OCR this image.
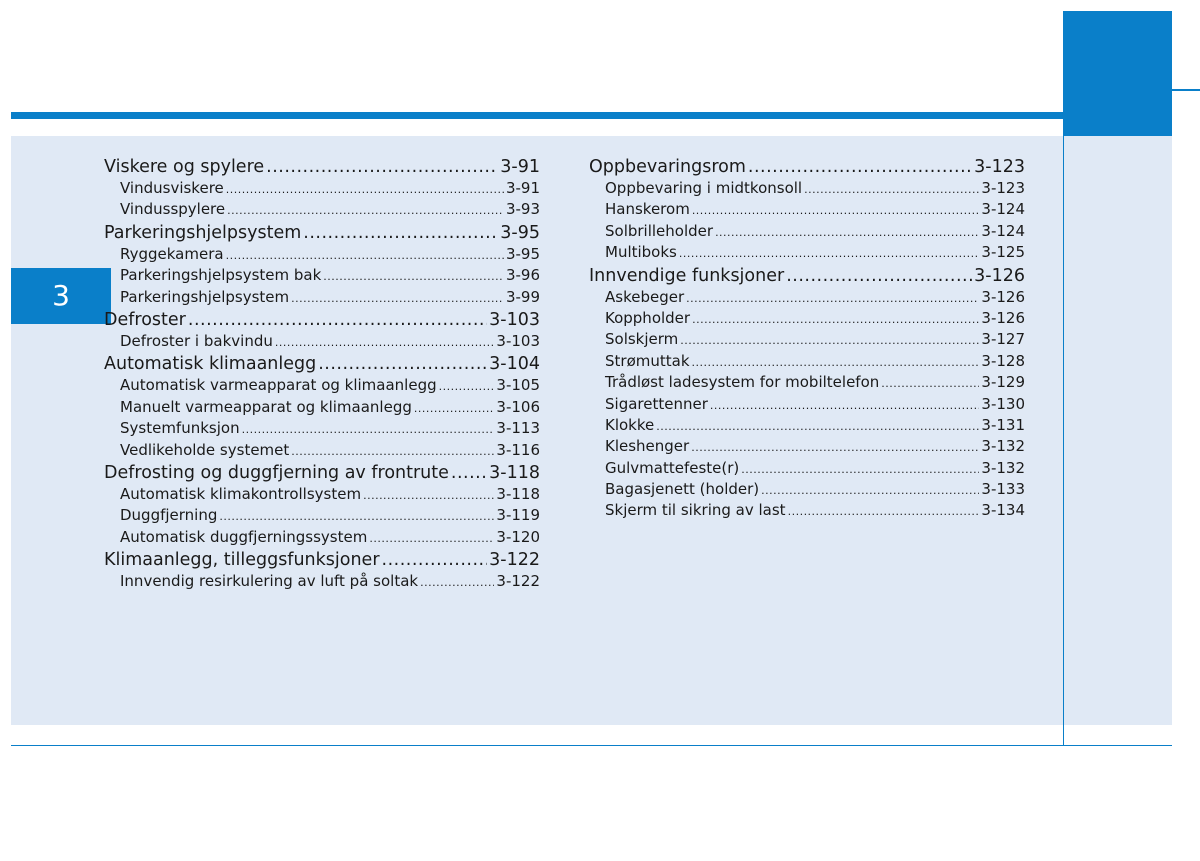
3
Viskere og spylere .....	3-91
Vindusviskere .....	3-91
Vindusspylere .....	3-93
Parkeringshjelpsystem .....	3-95
Ryggekamera .....	3-95
Parkeringshjelpsystem bak .....	3-96
Parkeringshjelpsystem .....	3-99
Defroster .....	3-103
Defroster i bakvindu .....	3-103
Automatisk klimaanlegg .....	3-104
Automatisk varmeapparat og klimaanlegg .....	3-105
Manuelt varmeapparat og klimaanlegg .....	3-106
Systemfunksjon .....	3-113
Vedlikeholde systemet .....	3-116
Defrosting og duggfjerning av frontrute ..... 3-118
Automatisk klimakontrollsystem .....	3-118
Duggfjerning .....	3-119
Automatisk duggfjerningssystem .....	3-120
Klimaanlegg, tilleggsfunksjoner .....	3-122
Innvendig resirkulering av luft på soltak .....	3-122
Oppbevaringsrom .....	3-123
Oppbevaring i midtkonsoll .....	3-123
Hanskerom .....	3-124
Solbrilleholder .....	3-124
Multiboks .....	3-125
Innvendige funksjoner .....	3-126
Askebeger .....	3-126
Koppholder .....	3-126
Solskjerm .....	3-127
Strømuttak .....	3-128
Trådløst ladesystem for mobiltelefon .....	3-129
Sigarettenner .....	3-130
Klokke .....	3-131
Kleshenger .....	3-132
Gulvmattefeste(r) .....	3-132
Bagasjenett (holder) .....	3-133
Skjerm til sikring av last .....	3-134
